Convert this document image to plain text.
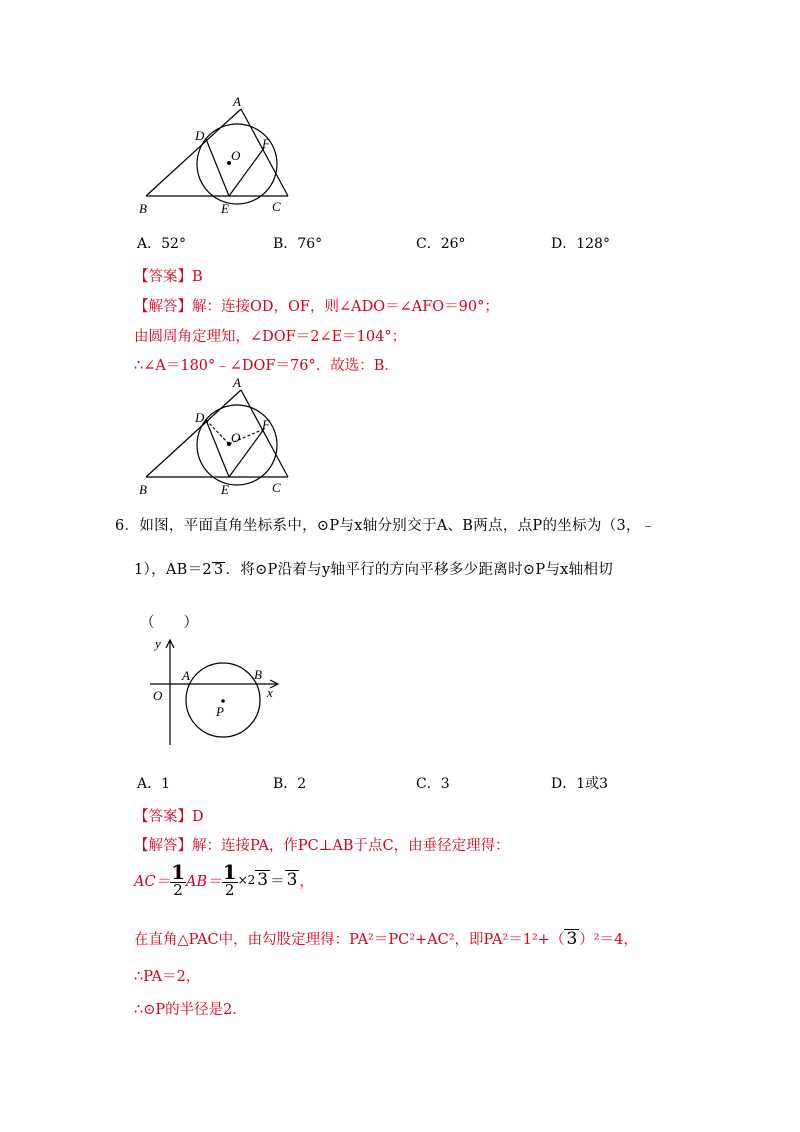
A
D
O
F
B	E	C
A．52°	B．76°	C．26°	D．128°
【答案】B
【解答】解：连接OD，OF，则∠ADO＝∠AFO＝90°；
由圆周角定理知，∠DOF＝2∠E＝104°；
∴∠A＝180°﹣∠DOF＝76°．故选：B．
A
D
O
F
B	E	C
6．如图，平面直角坐标系中，⊙P与x轴分别交于A、B两点，点P的坐标为（3，﹣
1），AB＝2 3 ．将⊙P沿着与y轴平行的方向平移多少距离时⊙P与x轴相切
（　　）
y
x
O
A	B
P
A．1	B．2	C．3	D．1或3
【答案】D
【解答】解：连接PA，作PC⊥AB于点C，由垂径定理得：
$AC= \frac{1}{2} AB= \frac{1}{2} \times 2$ 3 ＝ 3 ，
在直角△PAC中，由勾股定理得：PA²＝PC²+AC²，即PA²＝1²+（ 3 ）²＝4，
∴PA＝2，
∴⊙P的半径是2．
